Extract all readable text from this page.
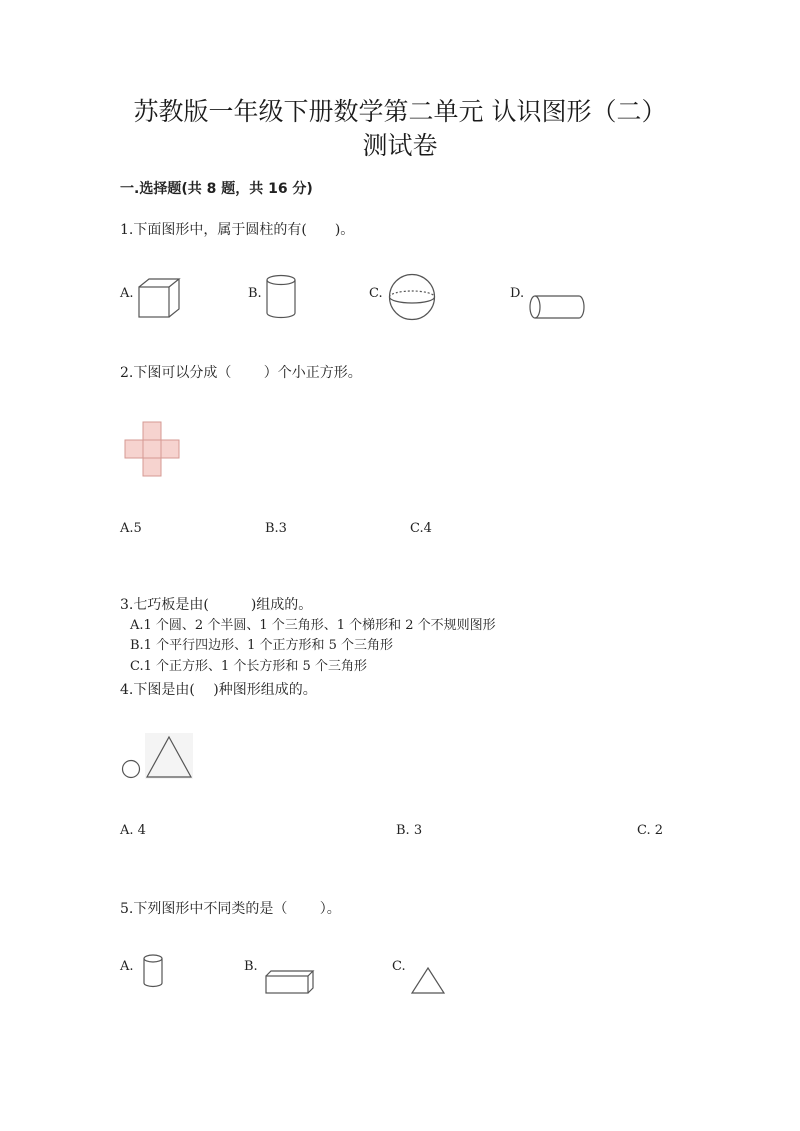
苏教版一年级下册数学第二单元 认识图形（二）
测试卷
一.选择题(共 8 题，共 16 分)
1.下面图形中，属于圆柱的有(　　)。
A.	B.	C.	D.
2.下图可以分成（　　 ）个小正方形。
A.5	B.3	C.4
3.七巧板是由(　　　)组成的。
A.1 个圆、2 个半圆、1 个三角形、1 个梯形和 2 个不规则图形
B.1 个平行四边形、1 个正方形和 5 个三角形
C.1 个正方形、1 个长方形和 5 个三角形
4.下图是由(　 )种图形组成的。
A. 4	B. 3	C. 2
5.下列图形中不同类的是（　　 ）。
A.	B.	C.
